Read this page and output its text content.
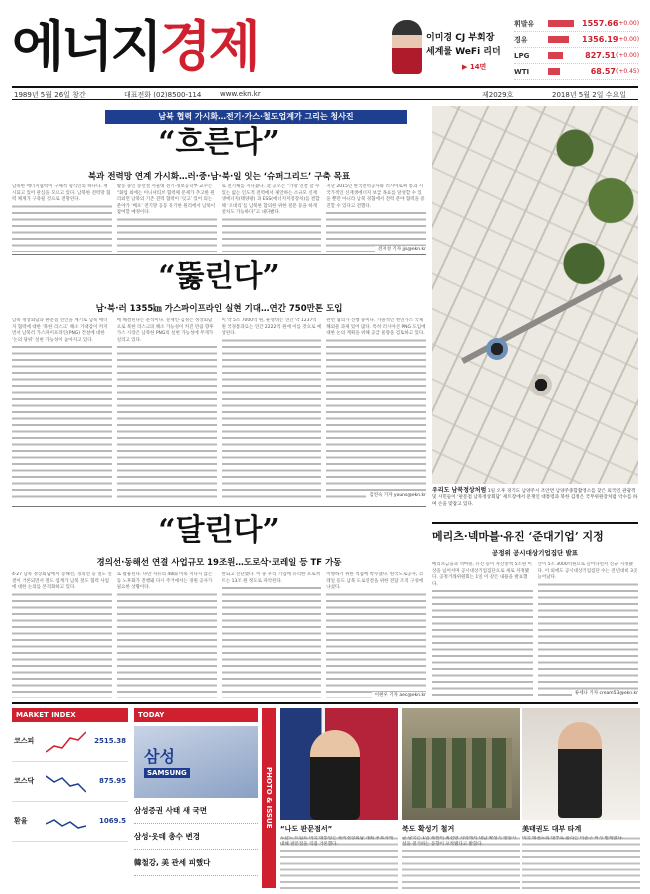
에너지경제	이미경 CJ 부회장
세계룰 WeFi 리더
▶ 14면
휘발유	1557.66
(+0.00)
경유	1356.19
(+0.00)
LPG	827.51 (+0.00)
WTI	68.57 (+0.45)
1989년 5월 26일 창간	대표전화 (02)8500-114	www.ekn.kr	제2029호	2018년 5월 2일 수요일
남북 협력 가시화…전기·가스·철도업계가 그리는 청사진
“흐른다”
북과 전력망 연계 가시화…러·중·남·북·일 잇는 ‘슈퍼그리드’ 구축 목표
남북한 에너지협력이 구체적 형식인의 하나다. 재시되고 있어 관심을 모으고 있다. 남북한 전력망 협력 체계가 구축될 것으로 전망된다.
활동 중인 송선설 서울대 전기·정보공학부 교수는 “화업 외에는 이니셔티브 협력체 문제가 추고한 원리외면 남북의 기존 전력 협력이 ‘잇고’ 있어 의는 분야가 ‘베포’ 전기망 공동 유기한 원리에서 남북이 참여할 예정이다.
로 전기체를 지나쳤다. 北 공오는 “가망 연결 할 수 있는 없는 인도적 전력에서 제안하는 소규모 신재생에너지(태양광) 과 ESS(에너지저장장치)를 결합해 ‘오대리’를 남북한 합의한 위한 질문 등을 하게 설치도 가능하다”고 내다봤다.
지난 2015년 한국전력공사와 러시아로써 통과 시 국가적인 신재생에너지 보급 목표를 달성할 수 있을 뿐만 아니라 남북 경협에서 전력 분야 협력을 증진할 수 있다고 전했다.
전지성 기자 jjs@ekn.kr
“뚫린다”
남·북·러 1355㎞ 가스파이프라인 실현 기대…연간 750만톤 도입
남북 정상회담과 판문점 선언을 계기로 남북 에너지 협력에 대한 ‘북한 리스크’ 해소 기대감이 커지면서 남북러 가스파이프라인(PNG) 건설에 대한 ‘논의 당위’ 실현 가능성이 높아지고 있다.
에 해결된다는 분석이다. 문재인·김정은 정상회담으로 북한 리스크의 해소 가능성이 커진 만큼 향후 가스 시장은 남북한 PNG의 실현 가능성에 무게가 실리고 있다.
이 약 5조 7000억 원, 운영비는 연간 약 1237억 원 국경통과료는 연간 2222억 원에 이를 것으로 예상된다.
관련 협의가 진행 중이다. 가솔적인 천연가스 국제 해외물 과제 있어 많다. 특히 러시아산 PNG 도입에 대한 논의 계획을 위해 공급 물량을 검토하고 있다.
김연숙 기자 youns@ekn.kr
“달린다”
경의선·동해선 연결 사업규모 19조원…도로삭·코레일 등 TF 가동
4·27 남북 정상회담에서 동해선, 경의선 등 철도 연결이 거론되면서 철도 업계가 남북 철도 협력 사업에 대한 논의를 본격화하고 있다.
로 활용된다. 다만 사유의 48㎞ 이북 지나지 않는 등 노후화가 진행돼 다시 주거에서는 경원 공사가 필요한 상황이다.
완되고 진단했다. 이 중 우리 기업에 유리한 프로젝트는 13조 원 정도로 파악된다.
이행하기 위한 적접에 박수했다. 한국도로공사, 코레일 등도 남북 도로연결을 위한 전담 조직 구성에 나섰다.
이현우 기자 aec@ekn.kr
우리도 남북정상처럼 1일 오후 경기도 남양주시 조안면 남양주종합촬영소를 찾은 외국인 관광객 및 시민들이 ‘판문점 남북정상회담’ 세트장에서 문재인 대통령과 북한 김정은 국무위원장처럼 악수를 하며 손을 맞잡고 있다.
메리츠·넥마블·유진 ‘준대기업’ 지정
공정위 공시대상기업집단 발표
메리츠금융과 넥마블, 유진 등이 자산총액 5조원 이상을 넘어서며 공시대상기업집단으로 새로 지정됐다. 공정거래위원회는 1일 이 같은 내용을 발표했다.
산이 5조 3000억원으로 늘어나면서 신규 지정됐다. 이 외에도 공시대상기업집단 수는 전년대비 3곳 늘어났다.
류세나 기자 cream53@ekn.kr
MARKET INDEX
코스피	2515.38
코스닥	875.95
환율	1069.5
TODAY
삼성
SAMSUNG
삼성증권 사태 새 국면
삼성·웃데 총수 변경
韓철강, 美 관세 피했다
PHOTO & ISSUE
“나도 판문점서”
도날드 트럼프 미국 대통령은 북미정상회담 개최 후보지에 대해 판문점을 직접 거론했다.
북도 확성기 철거
군 당국은 1일 북한이 최전방 지역에서 대남 확성기 방송시설을 철거하는 동향이 포착됐다고 밝혔다.
美태권도 대부 타계
미국 태권도의 대부로 불리는 이준구 씨가 별세했다.
